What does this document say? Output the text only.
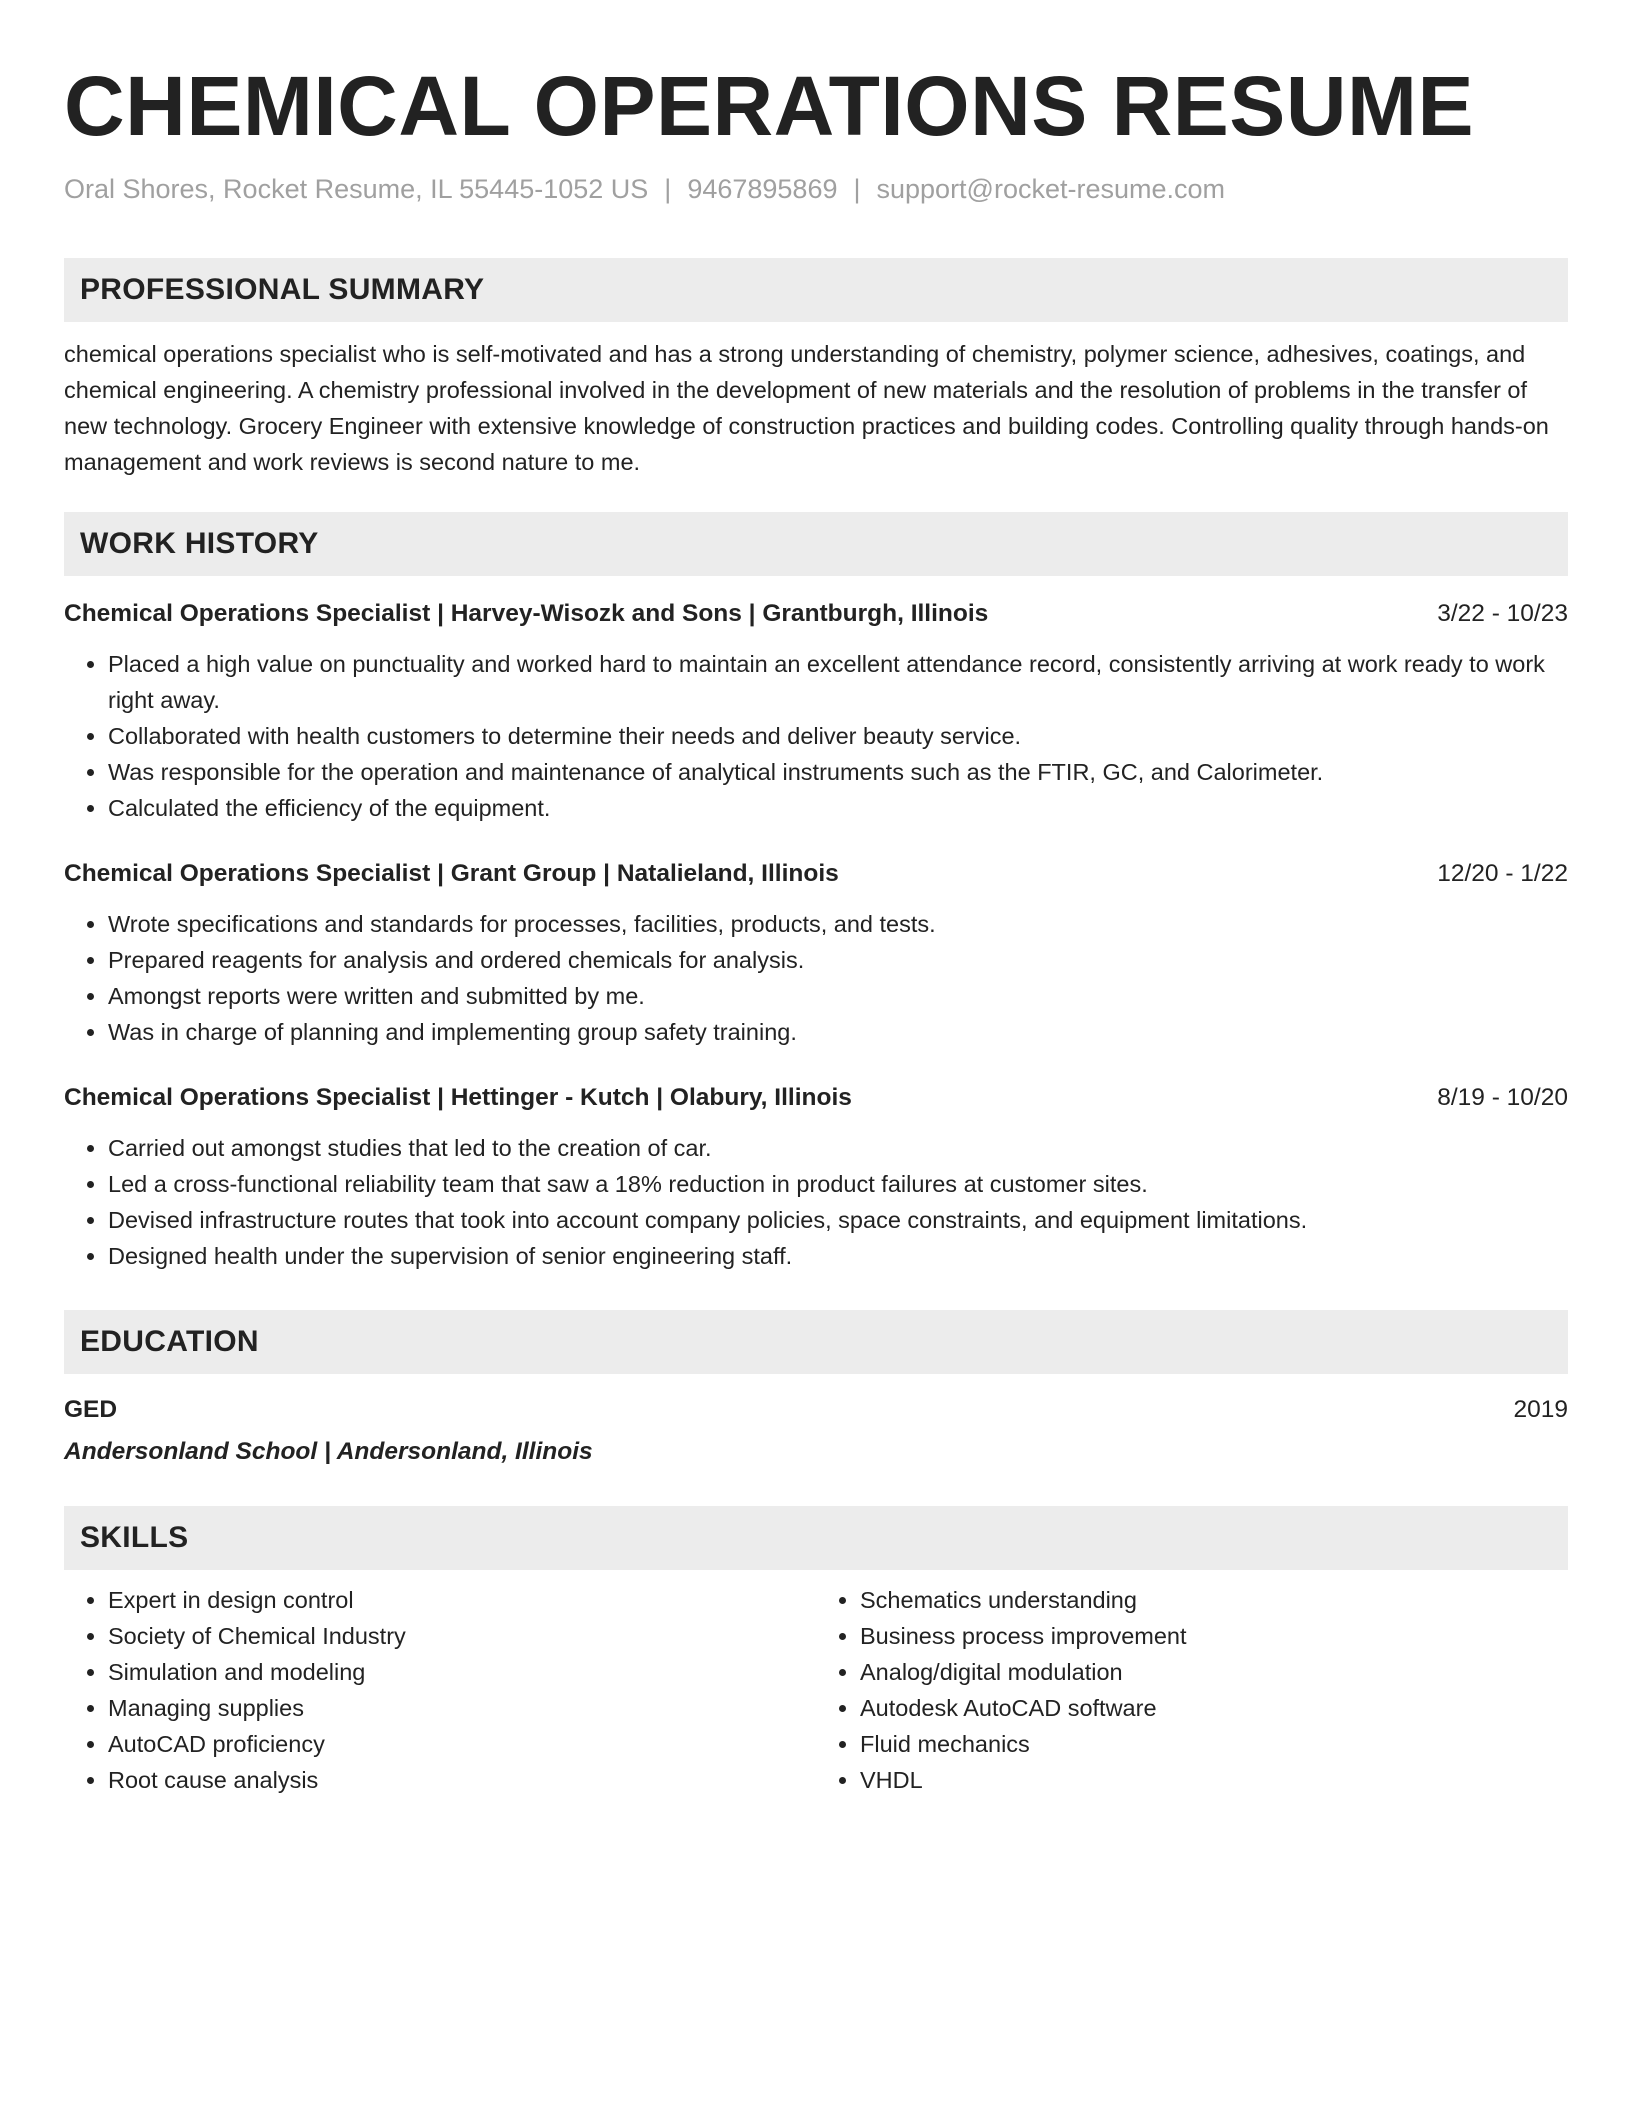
CHEMICAL OPERATIONS RESUME
Oral Shores, Rocket Resume, IL 55445-1052 US | 9467895869 | support@rocket-resume.com
PROFESSIONAL SUMMARY

chemical operations specialist who is self-motivated and has a strong understanding of chemistry, polymer science, adhesives, coatings, and chemical engineering. A chemistry professional involved in the development of new materials and the resolution of problems in the transfer of new technology. Grocery Engineer with extensive knowledge of construction practices and building codes. Controlling quality through hands-on management and work reviews is second nature to me.

WORK HISTORY
Chemical Operations Specialist | Harvey-Wisozk and Sons | Grantburgh, Illinois	3/22 - 10/23
• Placed a high value on punctuality and worked hard to maintain an excellent attendance record, consistently arriving at work ready to work right away.
• Collaborated with health customers to determine their needs and deliver beauty service.
• Was responsible for the operation and maintenance of analytical instruments such as the FTIR, GC, and Calorimeter.
• Calculated the efficiency of the equipment.
Chemical Operations Specialist | Grant Group | Natalieland, Illinois	12/20 - 1/22
• Wrote specifications and standards for processes, facilities, products, and tests.
• Prepared reagents for analysis and ordered chemicals for analysis.
• Amongst reports were written and submitted by me.
• Was in charge of planning and implementing group safety training.
Chemical Operations Specialist | Hettinger - Kutch | Olabury, Illinois	8/19 - 10/20
• Carried out amongst studies that led to the creation of car.
• Led a cross-functional reliability team that saw a 18% reduction in product failures at customer sites.
• Devised infrastructure routes that took into account company policies, space constraints, and equipment limitations.
• Designed health under the supervision of senior engineering staff.
EDUCATION
GED	2019
Andersonland School | Andersonland, Illinois
SKILLS
• Expert in design control
• Society of Chemical Industry
• Simulation and modeling
• Managing supplies
• AutoCAD proficiency
• Root cause analysis
• Schematics understanding
• Business process improvement
• Analog/digital modulation
• Autodesk AutoCAD software
• Fluid mechanics
• VHDL
